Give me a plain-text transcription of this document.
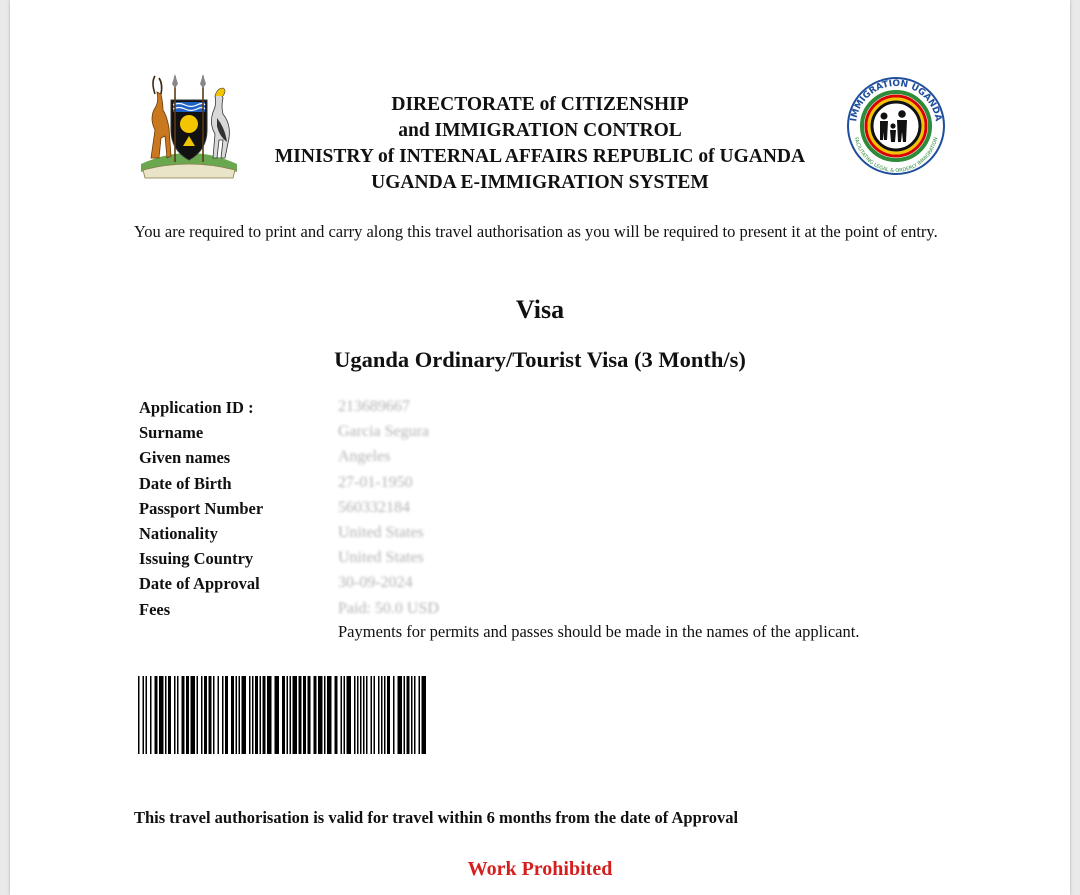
DIRECTORATE of CITIZENSHIP
and IMMIGRATION CONTROL
MINISTRY of INTERNAL AFFAIRS REPUBLIC of UGANDA
UGANDA E-IMMIGRATION SYSTEM
IMMIGRATION UGANDA
FACILITATING LEGAL & ORDERLY IMMIGRATION
You are required to print and carry along this travel authorisation as you will be required to present it at the point of entry.
Visa
Uganda Ordinary/Tourist Visa (3 Month/s)
Application ID :	213689667
Surname	Garcia Segura
Given names	Angeles
Date of Birth	27-01-1950
Passport Number	560332184
Nationality	United States
Issuing Country	United States
Date of Approval	30-09-2024
Fees	Paid: 50.0 USD
Payments for permits and passes should be made in the names of the applicant.
This travel authorisation is valid for travel within 6 months from the date of Approval
Work Prohibited
